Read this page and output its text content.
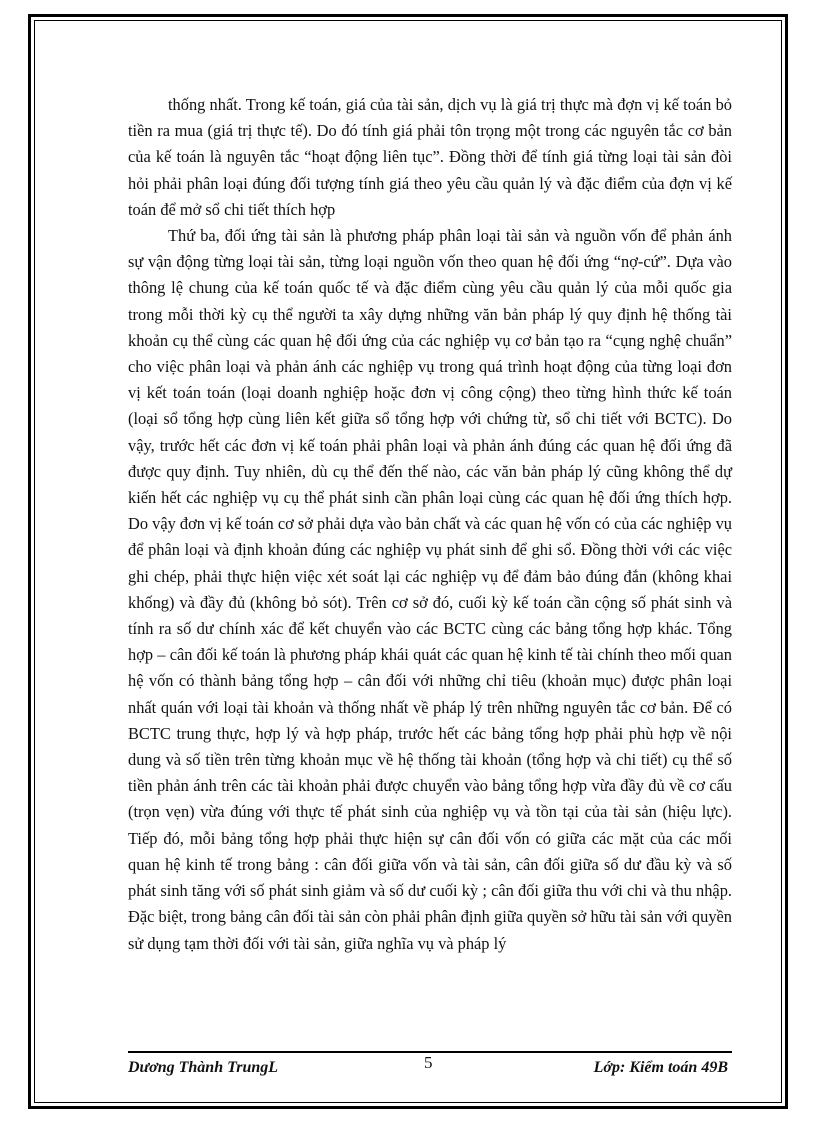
thống nhất. Trong kế toán, giá của tài sản, dịch vụ là giá trị thực mà đợn vị kế toán bỏ tiền ra mua (giá trị thực tế). Do đó tính giá phải tôn trọng một trong các nguyên tắc cơ bản của kế toán là nguyên tắc “hoạt động liên tục”. Đồng thời để tính giá từng loại tài sản đòi hỏi phải phân loại đúng đối tượng tính giá theo yêu cầu quản lý và đặc điểm của đợn vị kế toán để mở sổ chi tiết thích hợp

Thứ ba, đối ứng tài sản là phương pháp phân loại tài sản và nguồn vốn để phản ánh sự vận động từng loại tài sản, từng loại nguồn vốn theo quan hệ đối ứng “nợ-cứ”. Dựa vào thông lệ chung của kế toán quốc tế và đặc điểm cùng yêu cầu quản lý của mỗi quốc gia trong mỗi thời kỳ cụ thể người ta xây dựng những văn bản pháp lý quy định hệ thống tài khoản cụ thể cùng các quan hệ đối ứng của các nghiệp vụ cơ bản tạo ra “cụng nghệ chuẩn” cho việc phân loại và phản ánh các nghiệp vụ trong quá trình hoạt động của từng loại đơn vị kết toán toán (loại doanh nghiệp hoặc đơn vị công cộng) theo từng hình thức kế toán (loại sổ tổng hợp cùng liên kết giữa sổ tổng hợp với chứng từ, sổ chi tiết với BCTC). Do vậy, trước hết các đơn vị kế toán phải phân loại và phản ánh đúng các quan hệ đối ứng đã được quy định. Tuy nhiên, dù cụ thể đến thế nào, các văn bản pháp lý cũng không thể dự kiến hết các nghiệp vụ cụ thể phát sinh cần phân loại cùng các quan hệ đối ứng thích hợp. Do vậy đơn vị kế toán cơ sở phải dựa vào bản chất và các quan hệ vốn có của các nghiệp vụ để phân loại và định khoản đúng các nghiệp vụ phát sinh để ghi sổ. Đồng thời với các việc ghi chép, phải thực hiện việc xét soát lại các nghiệp vụ để đảm bảo đúng đắn (không khai khống) và đầy đủ (không bỏ sót). Trên cơ sở đó, cuối kỳ kế toán cần cộng số phát sinh và tính ra số dư chính xác để kết chuyển vào các BCTC cùng các bảng tổng hợp khác. Tổng hợp – cân đối kế toán là phương pháp khái quát các quan hệ kinh tế tài chính theo mối quan hệ vốn có thành bảng tổng hợp – cân đối với những chỉ tiêu (khoản mục) được phân loại nhất quán với loại tài khoản và thống nhất về pháp lý trên những nguyên tắc cơ bản. Để có BCTC trung thực, hợp lý và hợp pháp, trước hết các bảng tổng hợp phải phù hợp về nội dung và số tiền trên từng khoản mục về hệ thống tài khoản (tổng hợp và chi tiết) cụ thể số tiền phản ánh trên các tài khoản phải được chuyển vào bảng tổng hợp vừa đầy đủ về cơ cấu (trọn vẹn) vừa đúng với thực tế phát sinh của nghiệp vụ và tồn tại của tài sản (hiệu lực). Tiếp đó, mỗi bảng tổng hợp phải thực hiện sự cân đối vốn có giữa các mặt của các mối quan hệ kinh tế trong bảng : cân đối giữa vốn và tài sản, cân đối giữa số dư đầu kỳ và số phát sinh tăng với số phát sinh giảm và số dư cuối kỳ ; cân đối giữa thu với chi và thu nhập. Đặc biệt, trong bảng cân đối tài sản còn phải phân định giữa quyền sở hữu tài sản với quyền sử dụng tạm thời đối với tài sản, giữa nghĩa vụ và pháp lý

Dương Thành TrungL	5	Lớp: Kiểm toán 49B
